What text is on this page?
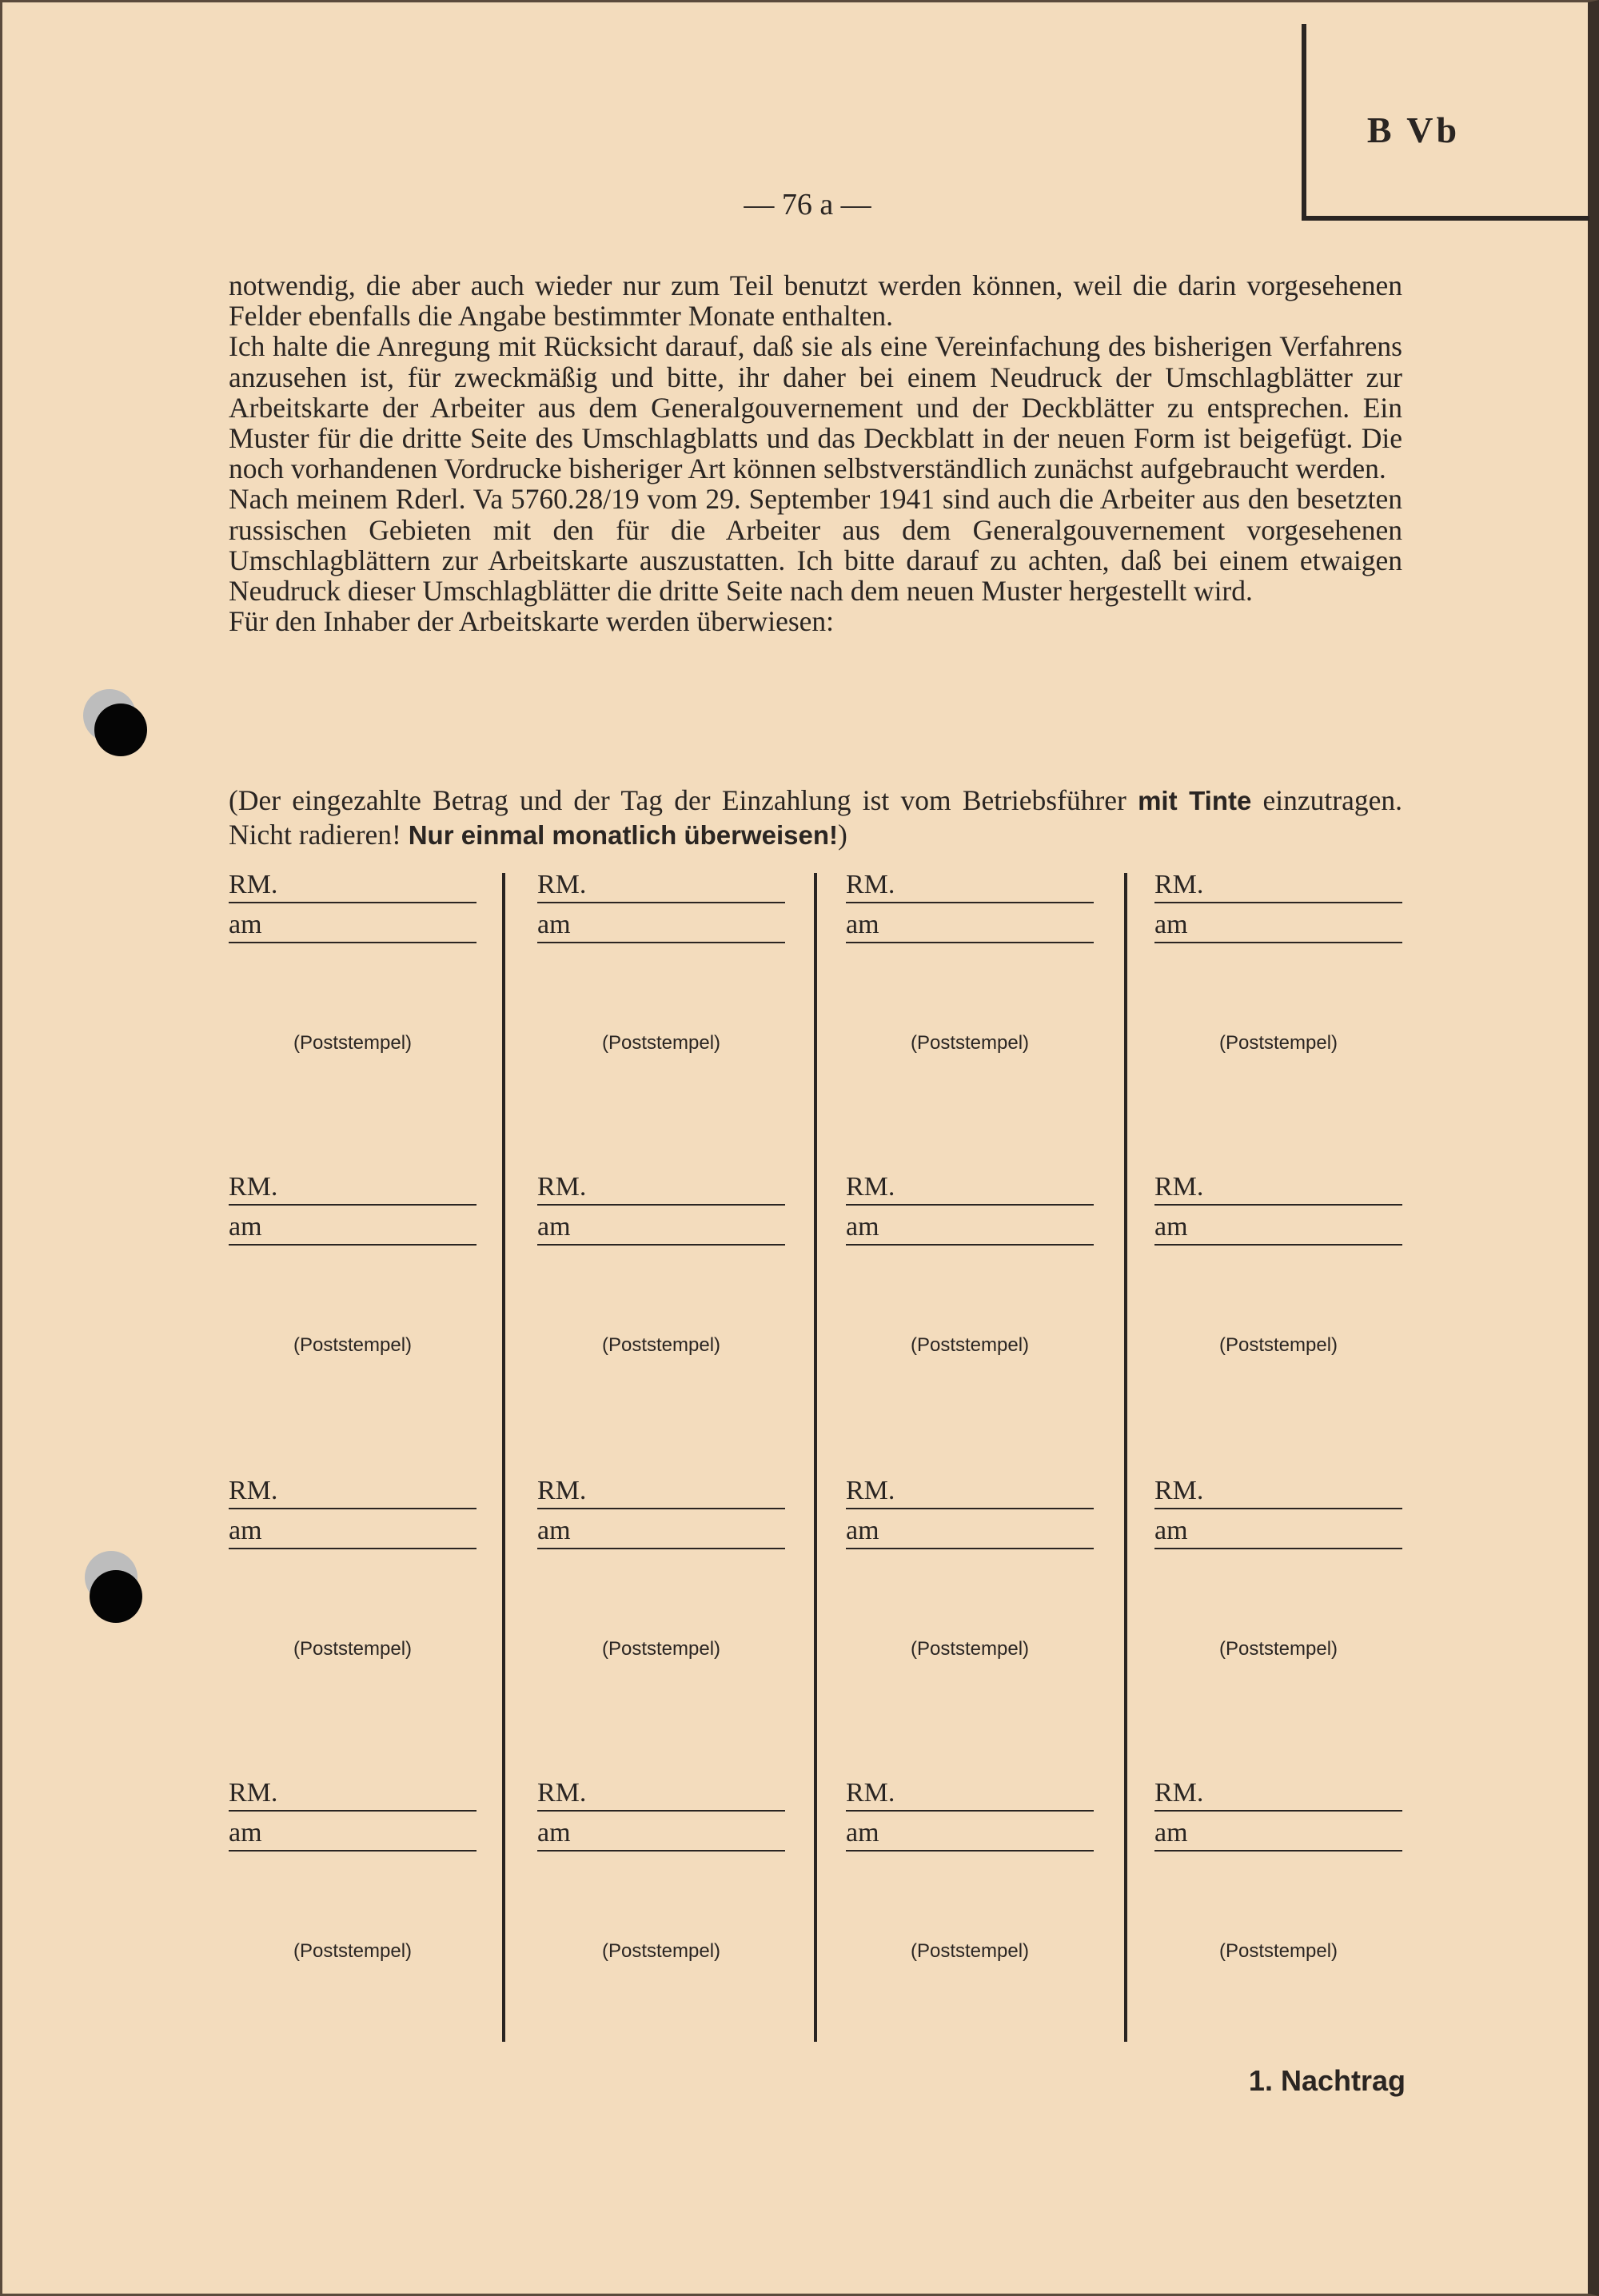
B Vb
— 76 a —

notwendig, die aber auch wieder nur zum Teil benutzt werden können, weil die darin vorgesehenen Felder ebenfalls die Angabe bestimmter Monate enthalten.

Ich halte die Anregung mit Rücksicht darauf, daß sie als eine Vereinfachung des bisherigen Verfahrens anzusehen ist, für zweckmäßig und bitte, ihr daher bei einem Neudruck der Umschlagblätter zur Arbeitskarte der Arbeiter aus dem Generalgouvernement und der Deckblätter zu entsprechen. Ein Muster für die dritte Seite des Umschlagblatts und das Deckblatt in der neuen Form ist beigefügt. Die noch vorhandenen Vordrucke bisheriger Art können selbstverständlich zunächst aufgebraucht werden.

Nach meinem Rderl. Va 5760.28/19 vom 29. September 1941 sind auch die Arbeiter aus den besetzten russischen Gebieten mit den für die Arbeiter aus dem Generalgouvernement vorgesehenen Umschlagblättern zur Arbeitskarte auszustatten. Ich bitte darauf zu achten, daß bei einem etwaigen Neudruck dieser Umschlagblätter die dritte Seite nach dem neuen Muster hergestellt wird.

Für den Inhaber der Arbeitskarte werden überwiesen:

(Der eingezahlte Betrag und der Tag der Einzahlung ist vom Betriebsführer mit Tinte einzutragen. Nicht radieren! Nur einmal monatlich überweisen!)
RM.
am
(Poststempel)
RM.
am
(Poststempel)
RM.
am
(Poststempel)
RM.
am
(Poststempel)
RM.
am
(Poststempel)
RM.
am
(Poststempel)
RM.
am
(Poststempel)
RM.
am
(Poststempel)
RM.
am
(Poststempel)
RM.
am
(Poststempel)
RM.
am
(Poststempel)
RM.
am
(Poststempel)
RM.
am
(Poststempel)
RM.
am
(Poststempel)
RM.
am
(Poststempel)
RM.
am
(Poststempel)
1. Nachtrag
